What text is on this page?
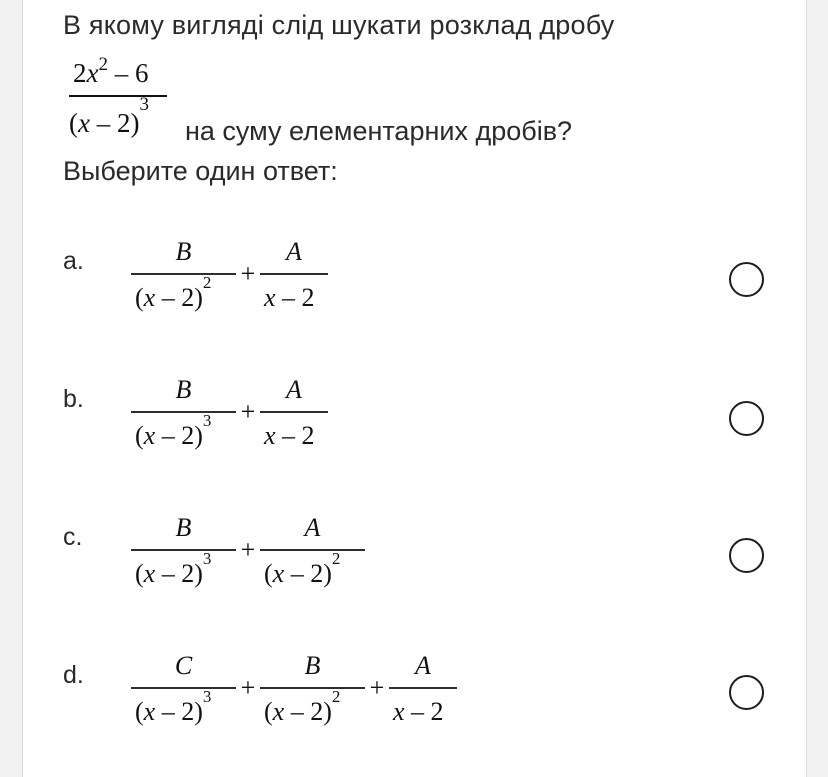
В якому вигляді слід шукати розклад дробу
$2x^2 - 6$
(x – 2)$^3$
на суму елементарних дробів?
Выберите один ответ:
a.	B
(x – 2)$^2$ +
A
x – 2
b.	B
(x – 2)$^3$ +
A
x – 2
c.	B
(x – 2)$^3$ +
A
(x – 2)$^2$
d.	C
(x – 2)$^3$ +
B
(x – 2)$^2$ +
A
x – 2
